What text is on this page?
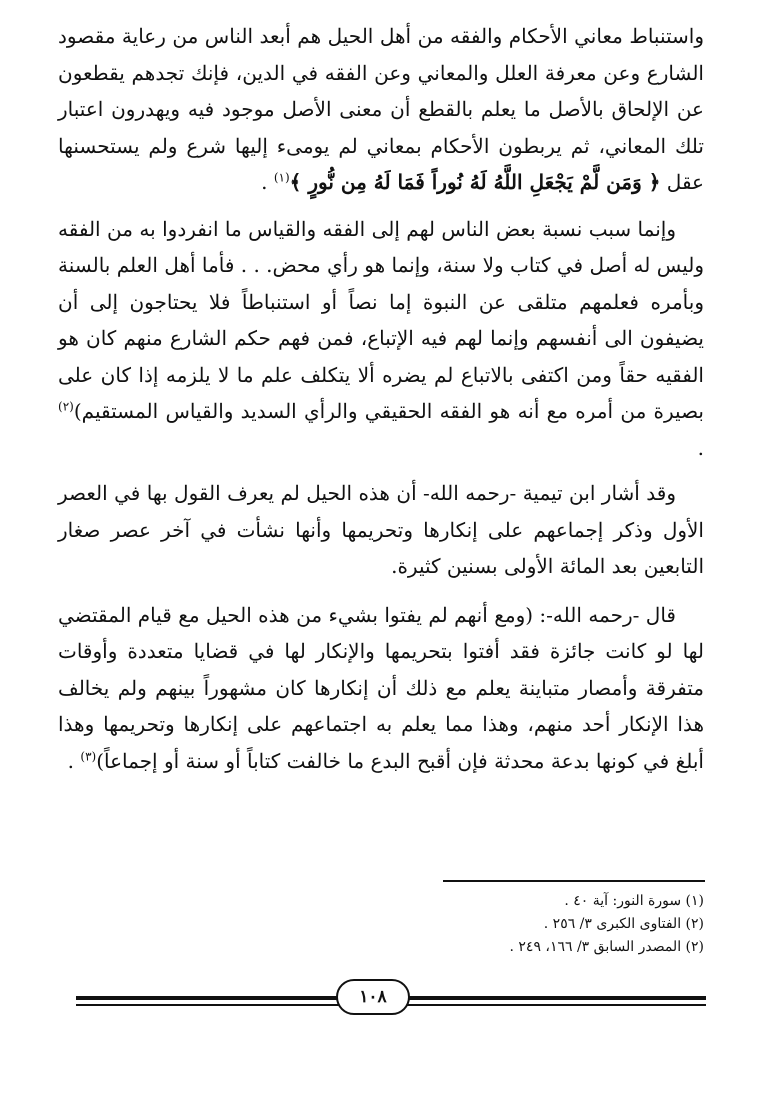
واستنباط معاني الأحكام والفقه من أهل الحيل هم أبعد الناس من رعاية مقصود الشارع وعن معرفة العلل والمعاني وعن الفقه في الدين، فإنك تجدهم يقطعون عن الإلحاق بالأصل ما يعلم بالقطع أن معنى الأصل موجود فيه ويهدرون اعتبار تلك المعاني، ثم يربطون الأحكام بمعاني لم يومىء إليها شرع ولم يستحسنها عقل ﴿ وَمَن لَّمْ يَجْعَلِ اللَّهُ لَهُ نُوراً فَمَا لَهُ مِن نُّورٍ ﴾$^{(١)}$ .

وإنما سبب نسبة بعض الناس لهم إلى الفقه والقياس ما انفردوا به من الفقه وليس له أصل في كتاب ولا سنة، وإنما هو رأي محض. . . فأما أهل العلم بالسنة وبأمره فعلمهم متلقى عن النبوة إما نصاً أو استنباطاً فلا يحتاجون إلى أن يضيفون الى أنفسهم وإنما لهم فيه الإتباع، فمن فهم حكم الشارع منهم كان هو الفقيه حقاً ومن اكتفى بالاتباع لم يضره ألا يتكلف علم ما لا يلزمه إذا كان على بصيرة من أمره مع أنه هو الفقه الحقيقي والرأي السديد والقياس المستقيم)$^{(٢)}$ .

وقد أشار ابن تيمية -رحمه الله- أن هذه الحيل لم يعرف القول بها في العصر الأول وذكر إجماعهم على إنكارها وتحريمها وأنها نشأت في آخر عصر صغار التابعين بعد المائة الأولى بسنين كثيرة.

قال -رحمه الله-: (ومع أنهم لم يفتوا بشيء من هذه الحيل مع قيام المقتضي لها لو كانت جائزة فقد أفتوا بتحريمها والإنكار لها في قضايا متعددة وأوقات متفرقة وأمصار متباينة يعلم مع ذلك أن إنكارها كان مشهوراً بينهم ولم يخالف هذا الإنكار أحد منهم، وهذا مما يعلم به اجتماعهم على إنكارها وتحريمها وهذا أبلغ في كونها بدعة محدثة فإن أقبح البدع ما خالفت كتاباً أو سنة أو إجماعاً)$^{(٣)}$ .

(١) سورة النور: آية ٤٠ .
(٢) الفتاوى الكبرى ٣/ ٢٥٦ .
(٢) المصدر السابق ٣/ ١٦٦، ٢٤٩ .
١٠٨
